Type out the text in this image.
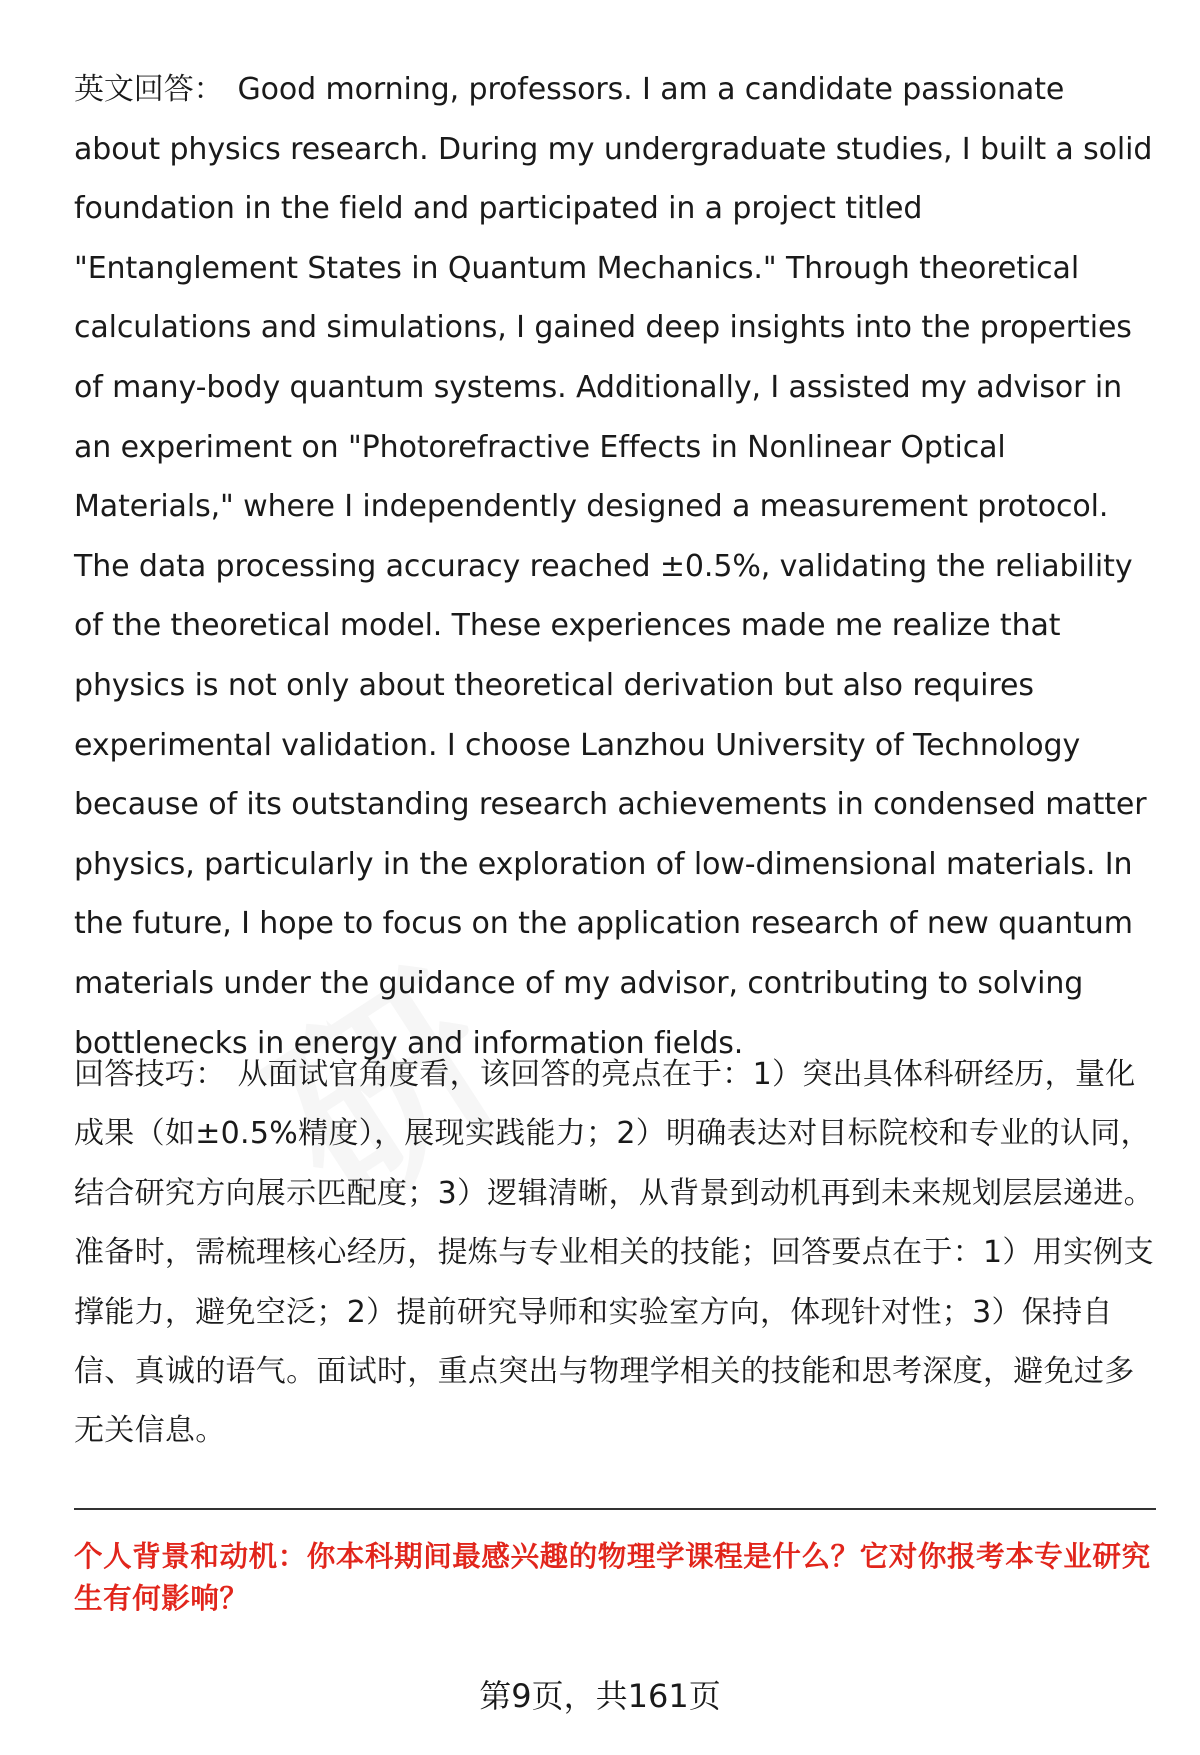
英文回答： Good morning, professors. I am a candidate passionate about physics research. During my undergraduate studies, I built a solid foundation in the field and participated in a project titled "Entanglement States in Quantum Mechanics." Through theoretical calculations and simulations, I gained deep insights into the properties of many-body quantum systems. Additionally, I assisted my advisor in an experiment on "Photorefractive Effects in Nonlinear Optical Materials," where I independently designed a measurement protocol. The data processing accuracy reached ±0.5%, validating the reliability of the theoretical model. These experiences made me realize that physics is not only about theoretical derivation but also requires experimental validation. I choose Lanzhou University of Technology because of its outstanding research achievements in condensed matter physics, particularly in the exploration of low-dimensional materials. In the future, I hope to focus on the application research of new quantum materials under the guidance of my advisor, contributing to solving bottlenecks in energy and information fields.
回答技巧： 从面试官角度看，该回答的亮点在于：1）突出具体科研经历，量化成果（如±0.5%精度），展现实践能力；2）明确表达对目标院校和专业的认同，结合研究方向展示匹配度；3）逻辑清晰，从背景到动机再到未来规划层层递进。准备时，需梳理核心经历，提炼与专业相关的技能；回答要点在于：1）用实例支撑能力，避免空泛；2）提前研究导师和实验室方向，体现针对性；3）保持自信、真诚的语气。面试时，重点突出与物理学相关的技能和思考深度，避免过多无关信息。
个人背景和动机：你本科期间最感兴趣的物理学课程是什么？它对你报考本专业研究生有何影响？
第9页，共161页
